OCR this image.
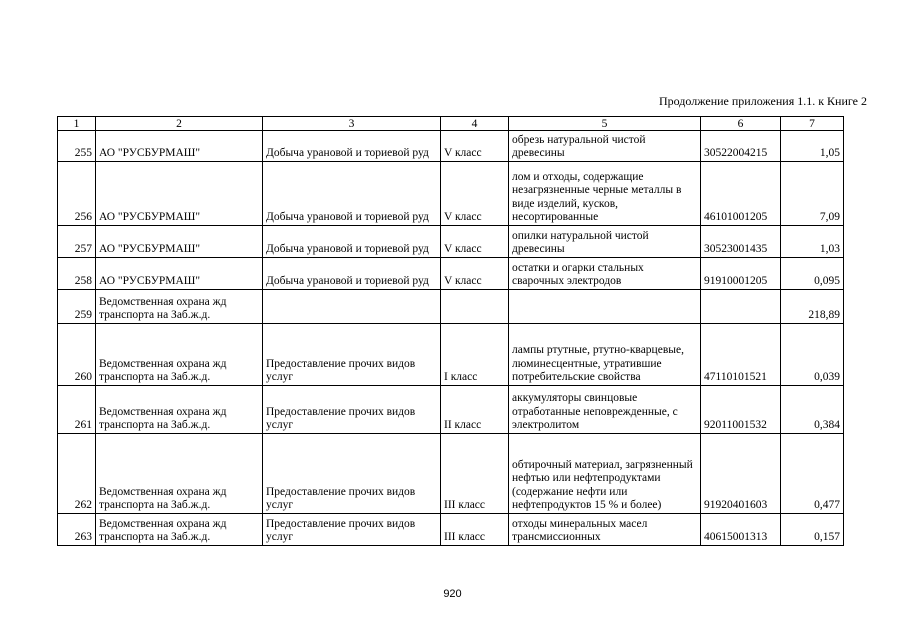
Продолжение приложения 1.1. к Книге 2
1	2	3	4	5	6	7
255	АО "РУСБУРМАШ"	Добыча урановой и ториевой руд	V класс	обрезь натуральной чистой древесины	30522004215	1,05
256	АО "РУСБУРМАШ"	Добыча урановой и ториевой руд	V класс	лом и отходы, содержащие незагрязненные черные металлы в виде изделий, кусков, несортированные	46101001205	7,09
257	АО "РУСБУРМАШ"	Добыча урановой и ториевой руд	V класс	опилки натуральной чистой древесины	30523001435	1,03
258	АО "РУСБУРМАШ"	Добыча урановой и ториевой руд	V класс	остатки и огарки стальных сварочных электродов	91910001205	0,095
259	Ведомственная охрана жд транспорта на Заб.ж.д.					218,89
260	Ведомственная охрана жд транспорта на Заб.ж.д.	Предоставление прочих видов услуг	I класс	лампы ртутные, ртутно-кварцевые, люминесцентные, утратившие потребительские свойства	47110101521	0,039
261	Ведомственная охрана жд транспорта на Заб.ж.д.	Предоставление прочих видов услуг	II класс	аккумуляторы свинцовые отработанные неповрежденные, с электролитом	92011001532	0,384
262	Ведомственная охрана жд транспорта на Заб.ж.д.	Предоставление прочих видов услуг	III класс	обтирочный материал, загрязненный нефтью или нефтепродуктами (содержание нефти или нефтепродуктов 15 % и более)	91920401603	0,477
263	Ведомственная охрана жд транспорта на Заб.ж.д.	Предоставление прочих видов услуг	III класс	отходы минеральных масел трансмиссионных	40615001313	0,157
920
